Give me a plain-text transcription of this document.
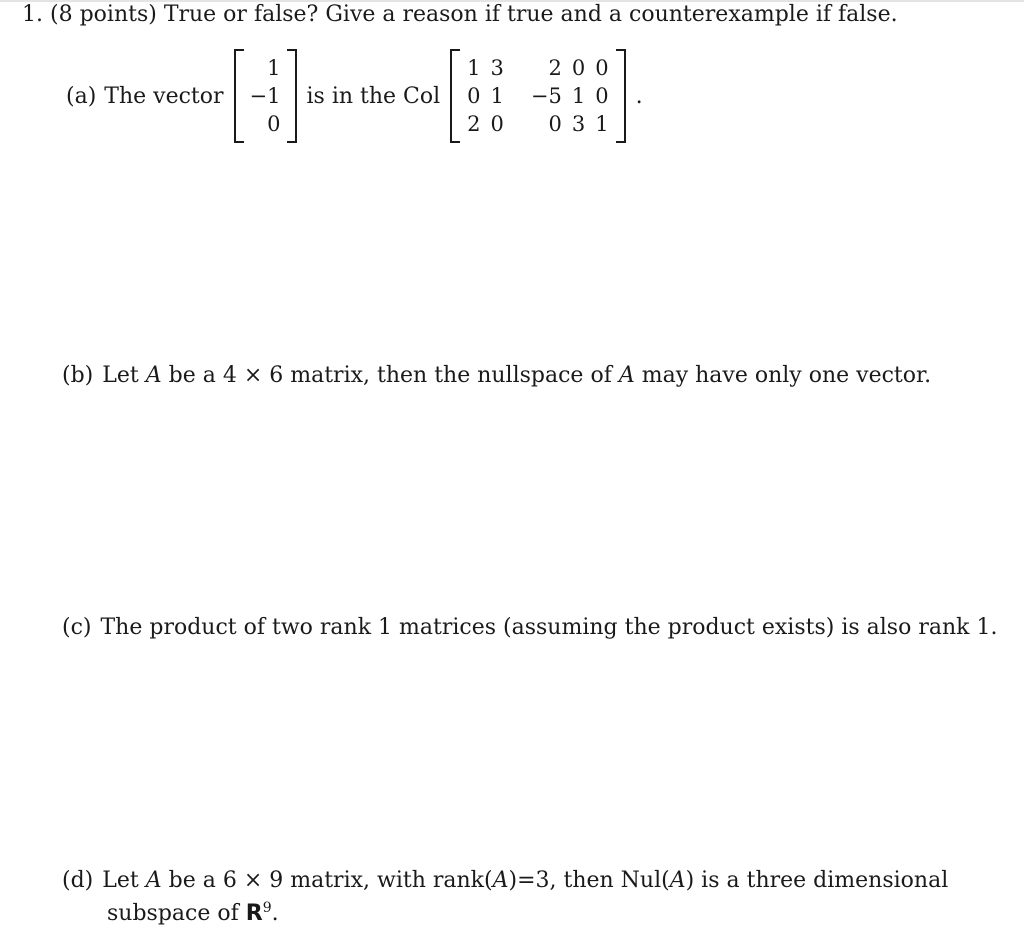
1. (8 points) True or false? Give a reason if true and a counterexample if false.
(a) The vector
1
−1
0
is in the Col
1	3	2	0	0
0	1	−5	1	0
2	0	0	3	1
.
(b) Let A be a 4 × 6 matrix, then the nullspace of A may have only one vector.
(c) The product of two rank 1 matrices (assuming the product exists) is also rank 1.
(d) Let A be a 6 × 9 matrix, with rank(A)=3, then Nul(A) is a three dimensional
subspace of $R^9$.
